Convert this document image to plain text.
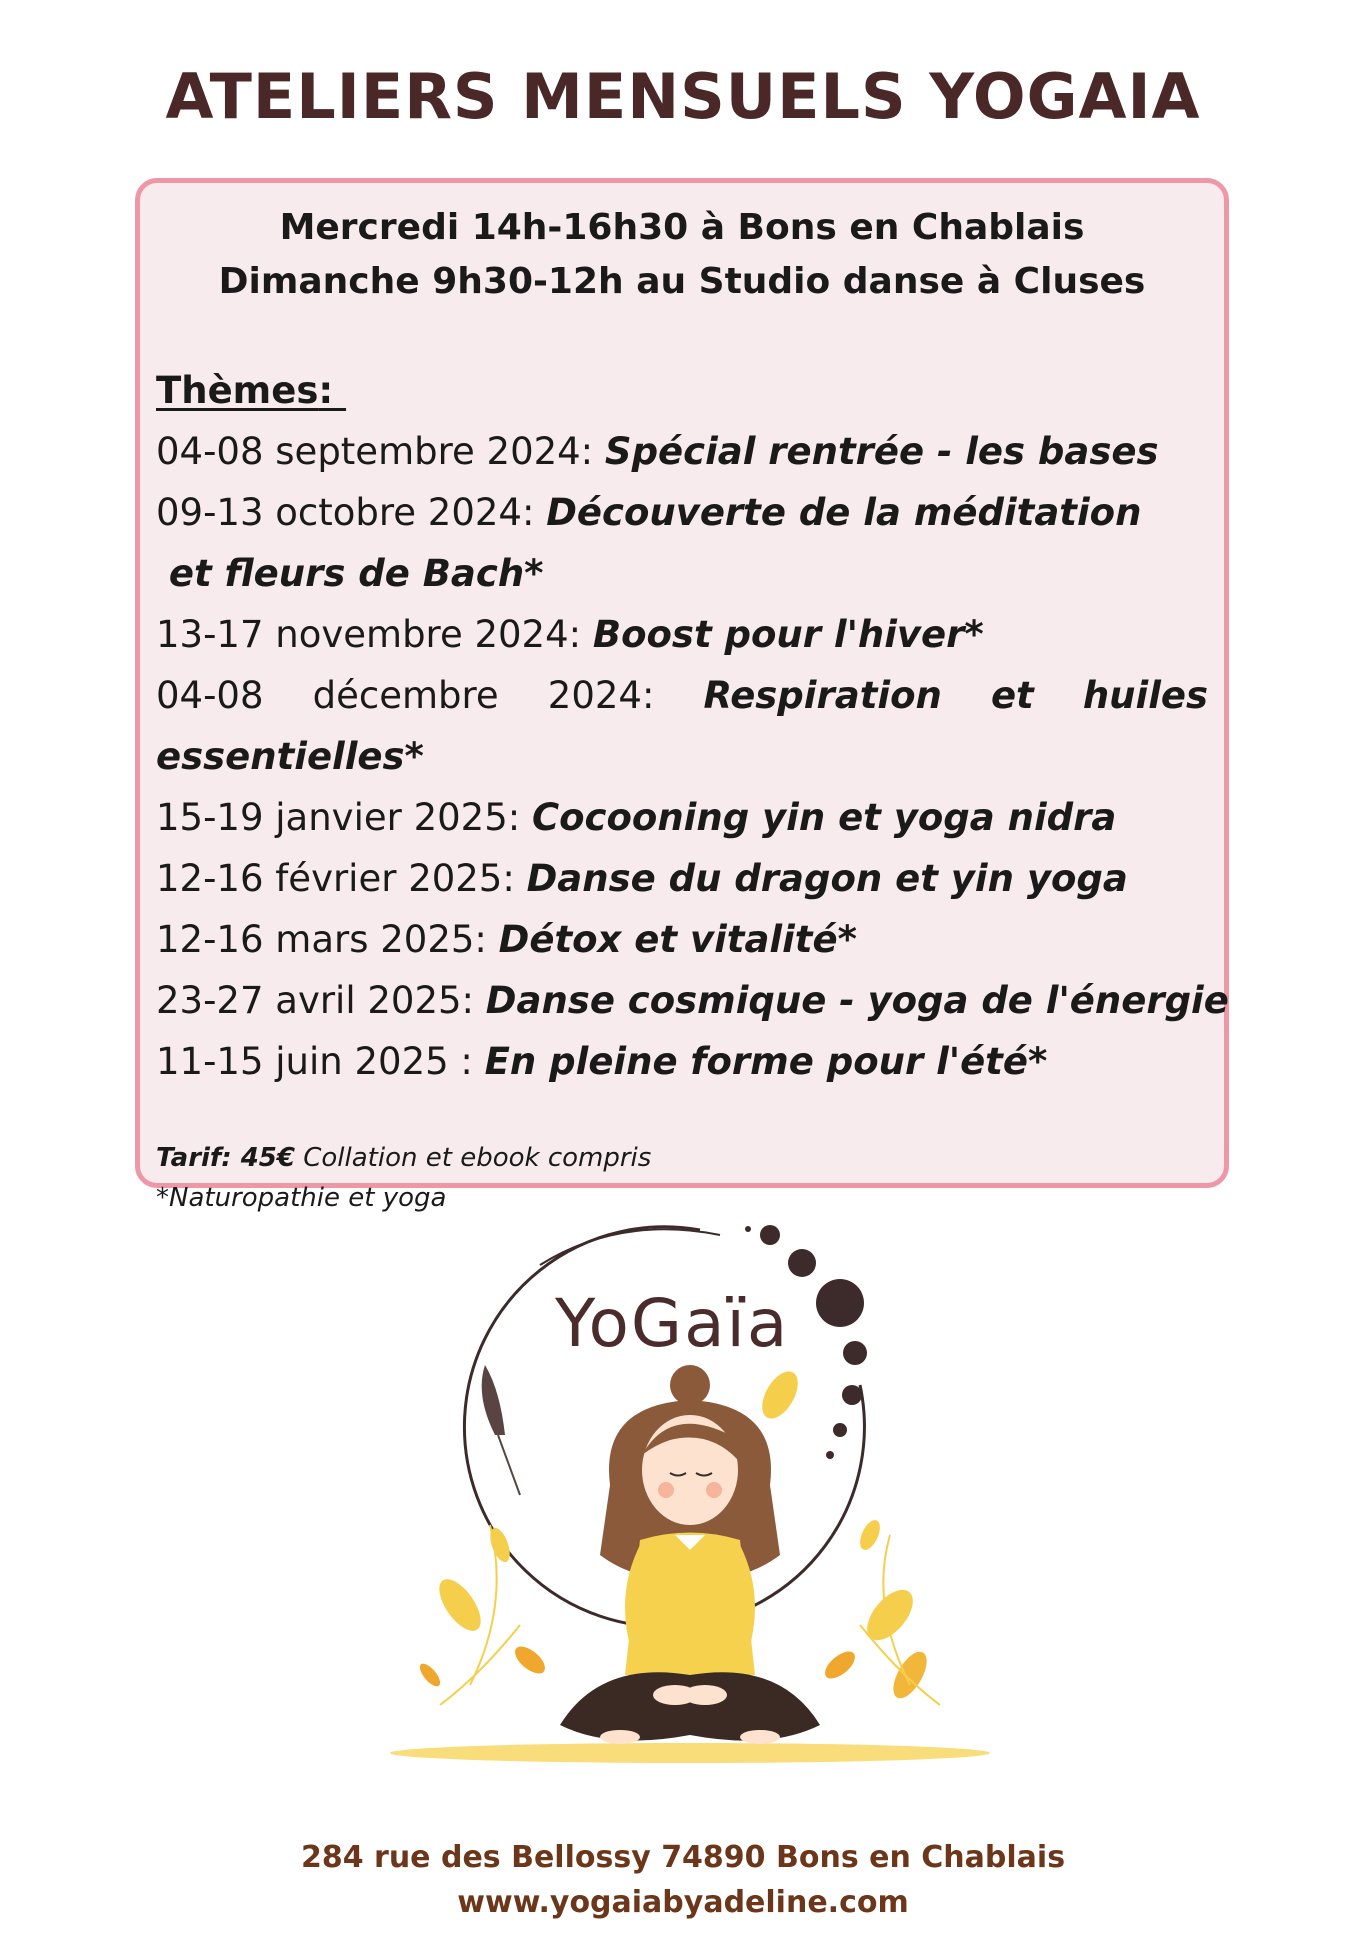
ATELIERS MENSUELS YOGAIA
Mercredi 14h-16h30 à Bons en Chablais
Dimanche 9h30-12h au Studio danse à Cluses
Thèmes:
04-08 septembre 2024: Spécial rentrée - les bases
09-13 octobre 2024: Découverte de la méditation
et fleurs de Bach*
13-17 novembre 2024: Boost pour l'hiver*
04-08 décembre 2024: Respiration et huiles
essentielles*
15-19 janvier 2025: Cocooning yin et yoga nidra
12-16 février 2025: Danse du dragon et yin yoga
12-16 mars 2025: Détox et vitalité*
23-27 avril 2025: Danse cosmique - yoga de l'énergie
11-15 juin 2025 : En pleine forme pour l'été*
Tarif: 45€ Collation et ebook compris
*Naturopathie et yoga
YoGaïa
284 rue des Bellossy 74890 Bons en Chablais
www.yogaiabyadeline.com
